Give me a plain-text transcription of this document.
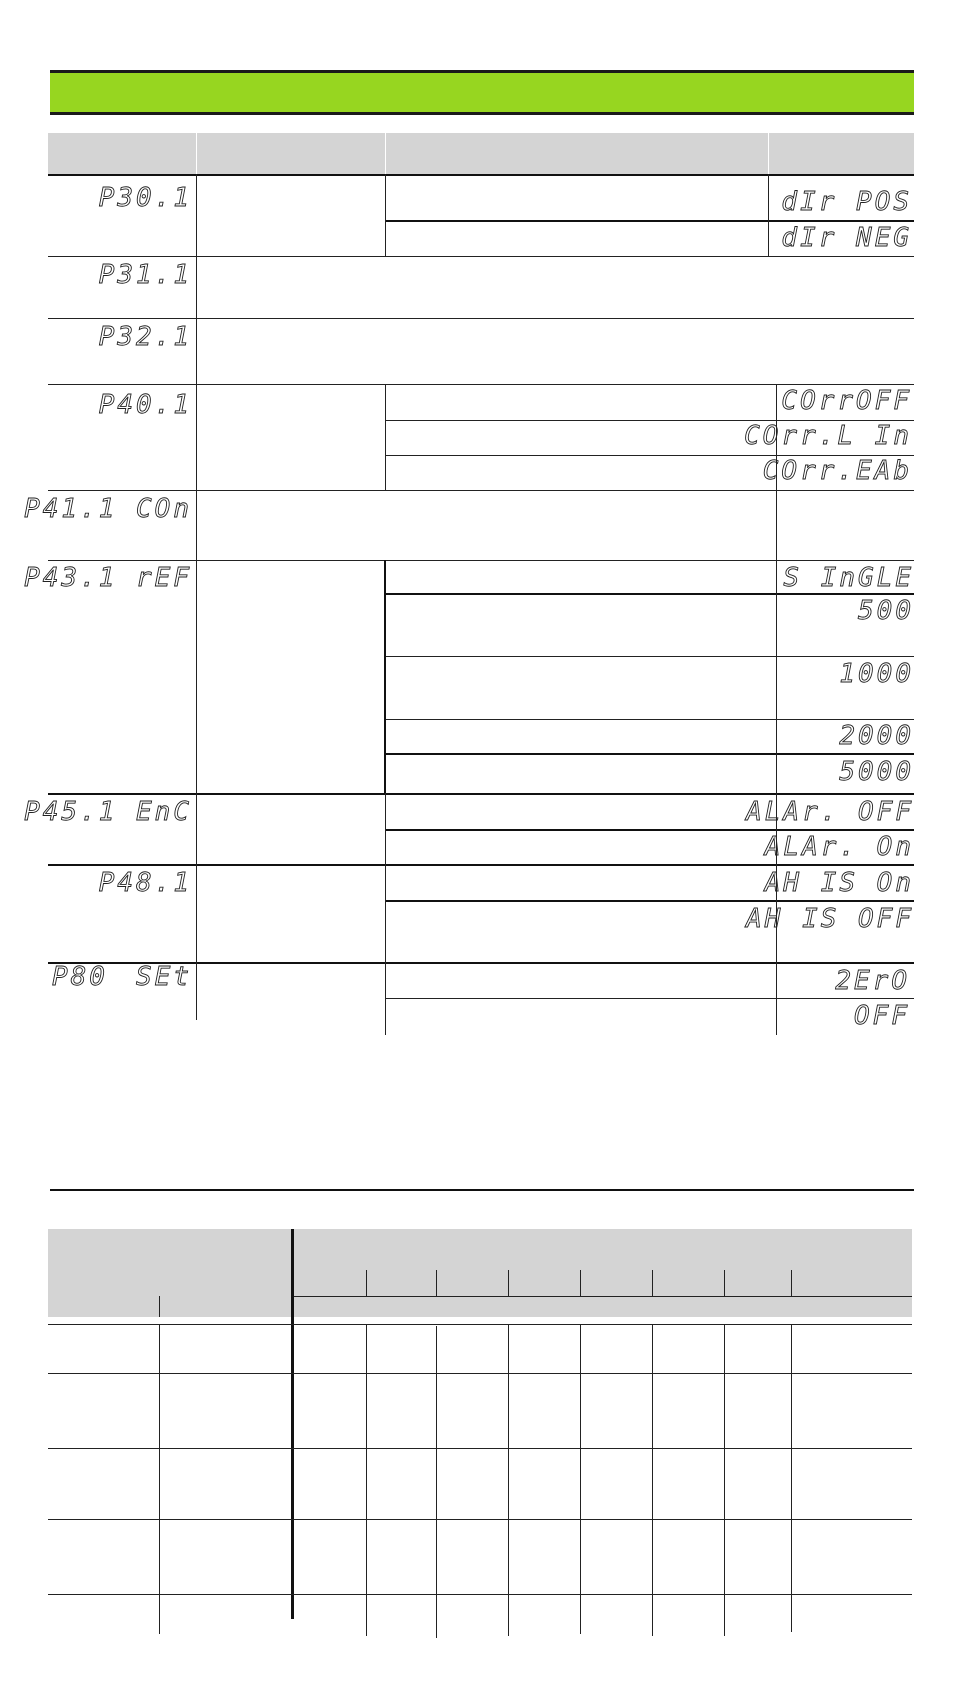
P30.1
P31.1
P32.1
P40.1
P41.1 COn
P43.1 rEF
P45.1 EnC
P48.1
P80 SEt
dIr POS
dIr NEG
COrrOFF
COrr.L In
COrr.EAb
S InGLE
500
1000
2000
5000
ALAr. OFF
ALAr. On
AH IS On
AH IS OFF
2ErO
OFF
